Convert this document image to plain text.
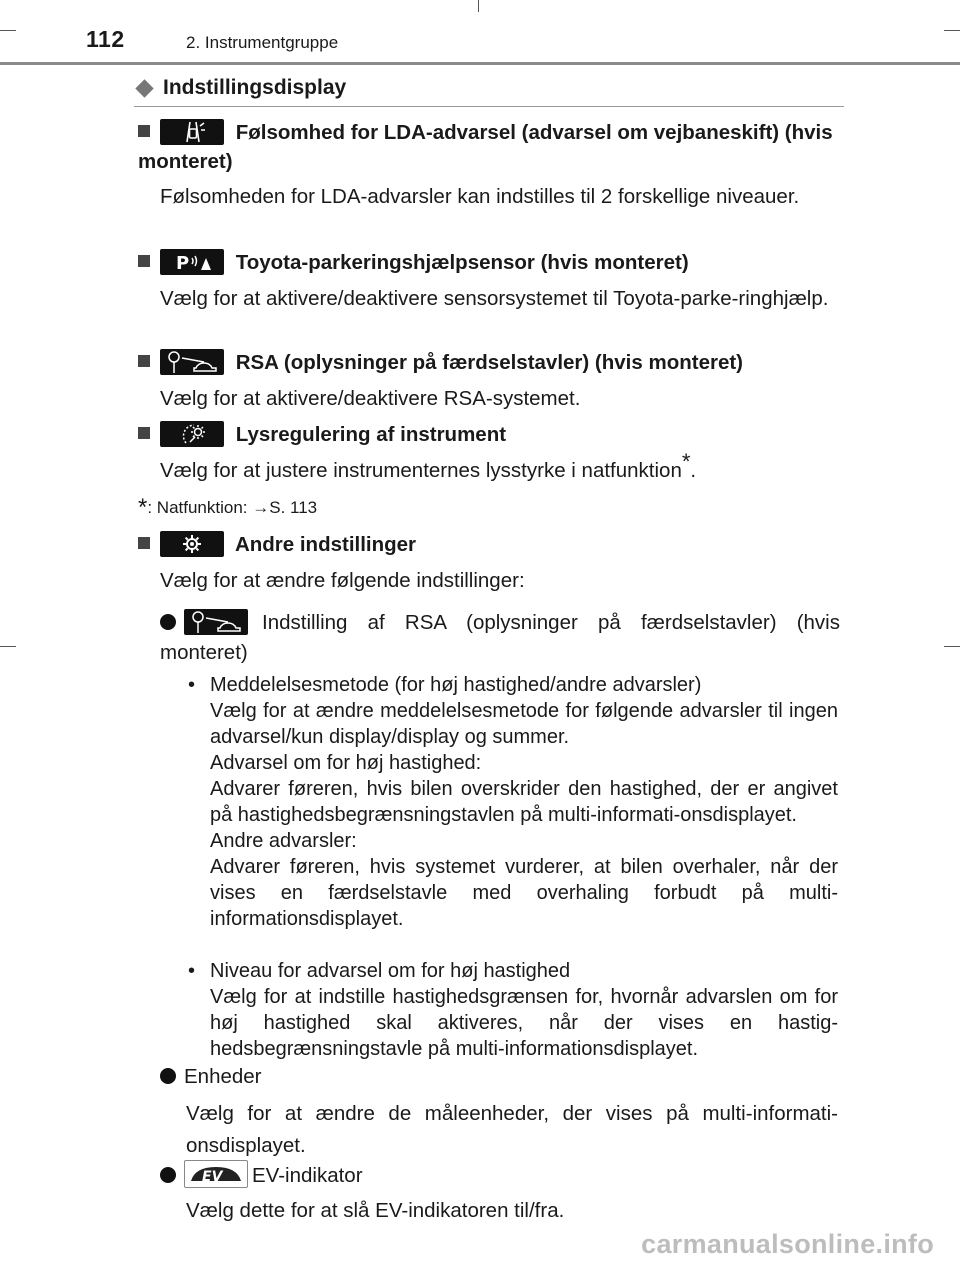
112	2. Instrumentgruppe
Indstillingsdisplay
Følsomhed for LDA-advarsel (advarsel om vejbaneskift) (hvis monteret)
Følsomheden for LDA-advarsler kan indstilles til 2 forskellige niveauer.
P Toyota-parkeringshjælpsensor (hvis monteret)
Vælg for at aktivere/deaktivere sensorsystemet til Toyota-parke-ringhjælp.
RSA (oplysninger på færdselstavler) (hvis monteret)
Vælg for at aktivere/deaktivere RSA-systemet.
Lysregulering af instrument
Vælg for at justere instrumenternes lysstyrke i natfunktion*.
*: Natfunktion: →S. 113
Andre indstillinger
Vælg for at ændre følgende indstillinger:
Indstilling af RSA (oplysninger på færdselstavler) (hvis monteret)
• Meddelelsesmetode (for høj hastighed/andre advarsler)

Vælg for at ændre meddelelsesmetode for følgende advarsler til ingen advarsel/kun display/display og summer.

Advarsel om for høj hastighed:

Advarer føreren, hvis bilen overskrider den hastighed, der er angivet på hastighedsbegrænsningstavlen på multi-informati-onsdisplayet.

Andre advarsler:

Advarer føreren, hvis systemet vurderer, at bilen overhaler, når der vises en færdselstavle med overhaling forbudt på multi-informationsdisplayet.

• Niveau for advarsel om for høj hastighed

Vælg for at indstille hastighedsgrænsen for, hvornår advarslen om for høj hastighed skal aktiveres, når der vises en hastig-hedsbegrænsningstavle på multi-informationsdisplayet.

Enheder
Vælg for at ændre de måleenheder, der vises på multi-informati-onsdisplayet.
EV EV-indikator
Vælg dette for at slå EV-indikatoren til/fra.
carmanualsonline.info
